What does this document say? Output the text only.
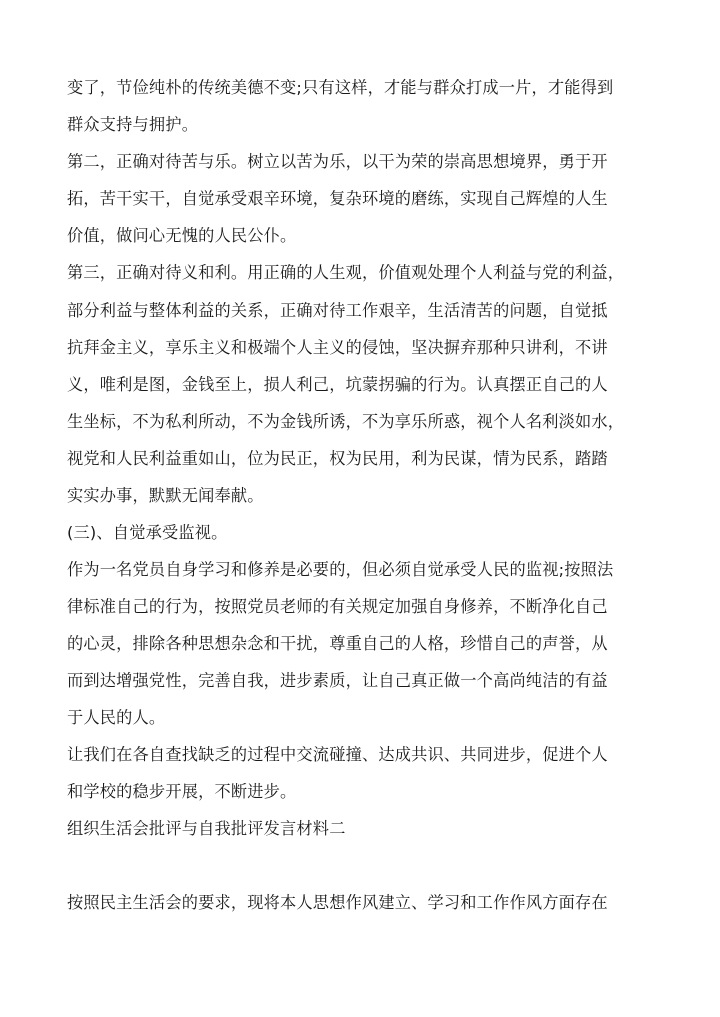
变了，节俭纯朴的传统美德不变;只有这样，才能与群众打成一片，才能得到
群众支持与拥护。
第二，正确对待苦与乐。树立以苦为乐，以干为荣的崇高思想境界，勇于开
拓，苦干实干，自觉承受艰辛环境，复杂环境的磨练，实现自己辉煌的人生
价值，做问心无愧的人民公仆。
第三，正确对待义和利。用正确的人生观，价值观处理个人利益与党的利益，
部分利益与整体利益的关系，正确对待工作艰辛，生活清苦的问题，自觉抵
抗拜金主义，享乐主义和极端个人主义的侵蚀，坚决摒弃那种只讲利，不讲
义，唯利是图，金钱至上，损人利己，坑蒙拐骗的行为。认真摆正自己的人
生坐标，不为私利所动，不为金钱所诱，不为享乐所惑，视个人名利淡如水，
视党和人民利益重如山，位为民正，权为民用，利为民谋，情为民系，踏踏
实实办事，默默无闻奉献。
(三)、自觉承受监视。
作为一名党员自身学习和修养是必要的，但必须自觉承受人民的监视;按照法
律标准自己的行为，按照党员老师的有关规定加强自身修养，不断净化自己
的心灵，排除各种思想杂念和干扰，尊重自己的人格，珍惜自己的声誉，从
而到达增强党性，完善自我，进步素质，让自己真正做一个高尚纯洁的有益
于人民的人。
让我们在各自查找缺乏的过程中交流碰撞、达成共识、共同进步，促进个人
和学校的稳步开展，不断进步。
组织生活会批评与自我批评发言材料二
按照民主生活会的要求，现将本人思想作风建立、学习和工作作风方面存在
